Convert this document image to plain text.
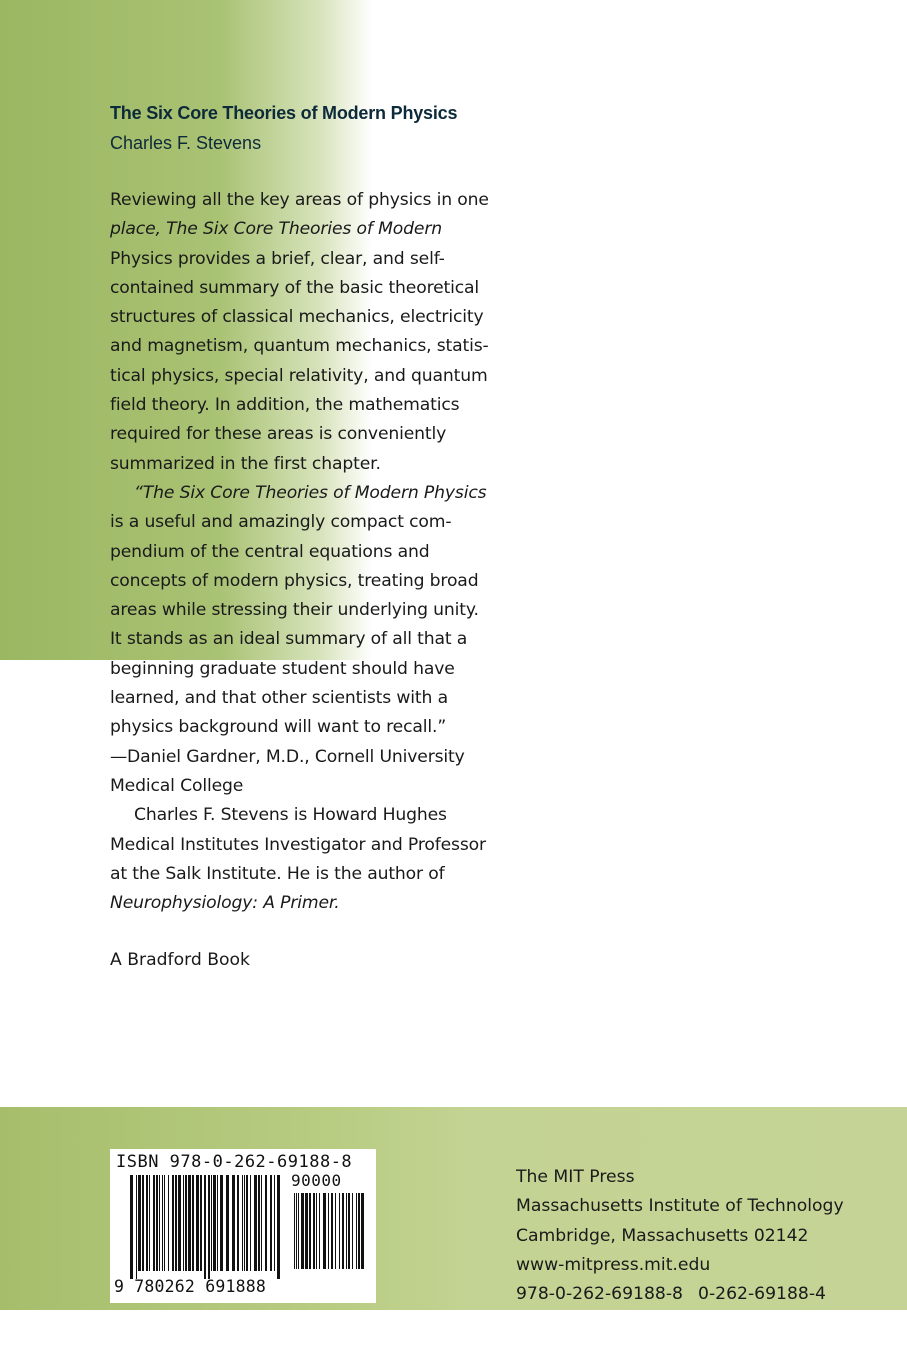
The Six Core Theories of Modern Physics
Charles F. Stevens

Reviewing all the key areas of physics in one
place, The Six Core Theories of Modern
Physics provides a brief, clear, and self-
contained summary of the basic theoretical
structures of classical mechanics, electricity
and magnetism, quantum mechanics, statis-
tical physics, special relativity, and quantum
field theory. In addition, the mathematics
required for these areas is conveniently
summarized in the first chapter.

“The Six Core Theories of Modern Physics
is a useful and amazingly compact com-
pendium of the central equations and
concepts of modern physics, treating broad
areas while stressing their underlying unity.
It stands as an ideal summary of all that a
beginning graduate student should have
learned, and that other scientists with a
physics background will want to recall.”
—Daniel Gardner, M.D., Cornell University
Medical College

Charles F. Stevens is Howard Hughes
Medical Institutes Investigator and Professor
at the Salk Institute. He is the author of
Neurophysiology: A Primer.

A Bradford Book
ISBN 978-0-262-69188-8
90000
9 780262 691888
The MIT Press
Massachusetts Institute of Technology
Cambridge, Massachusetts 02142
www-mitpress.mit.edu
978-0-262-69188-8 0-262-69188-4
